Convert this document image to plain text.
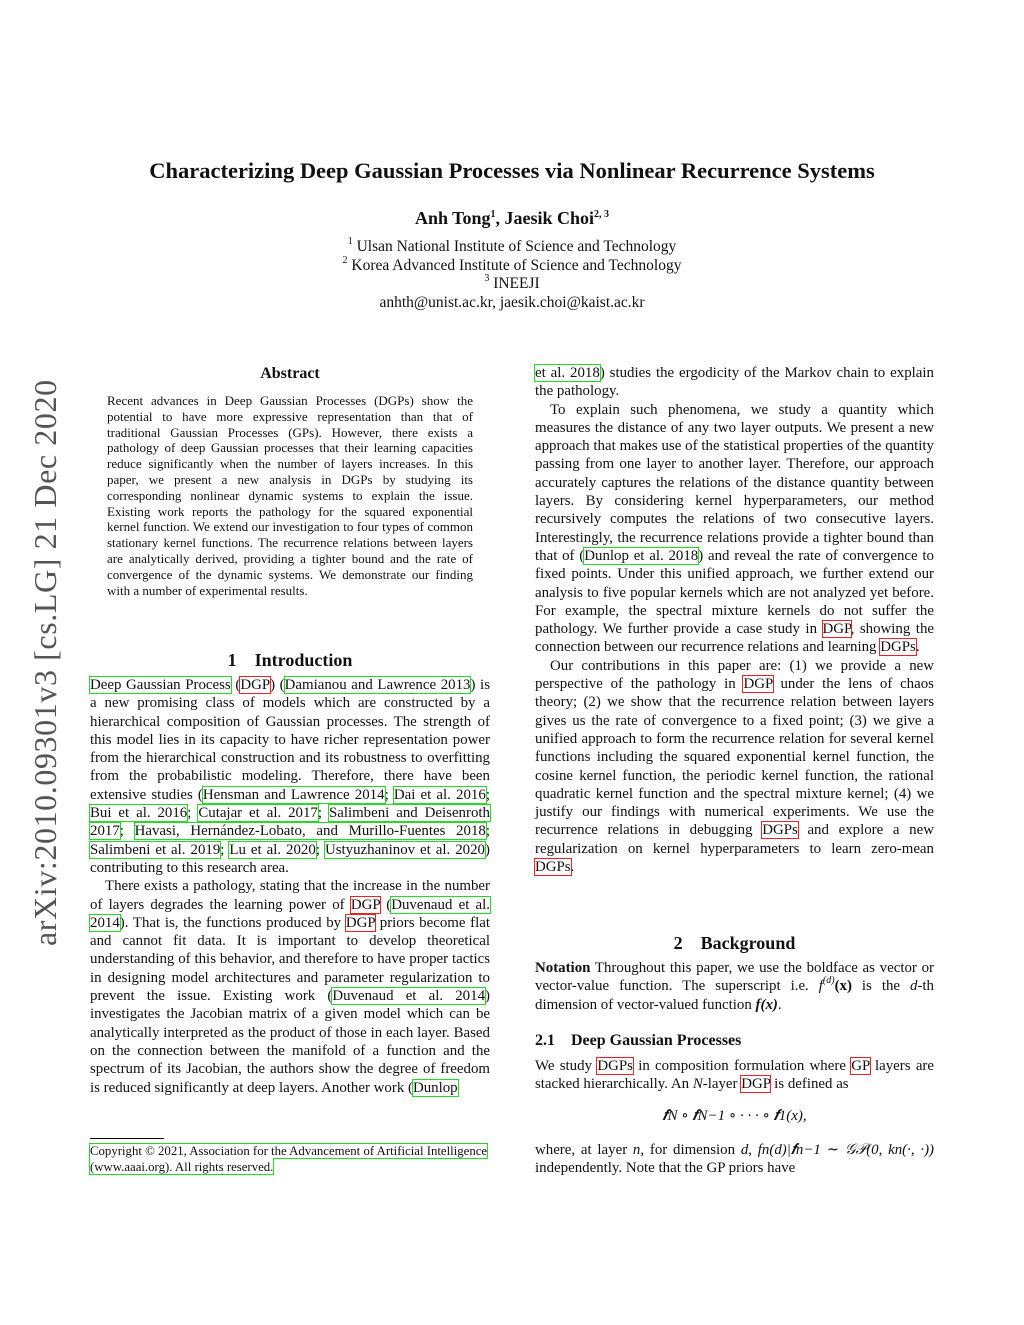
Characterizing Deep Gaussian Processes via Nonlinear Recurrence Systems
Anh Tong$^1$, Jaesik Choi$^{2, 3}$
$^1$ Ulsan National Institute of Science and Technology
$^2$ Korea Advanced Institute of Science and Technology
$^3$ INEEJI
anhth@unist.ac.kr, jaesik.choi@kaist.ac.kr
arXiv:2010.09301v3 [cs.LG] 21 Dec 2020
Abstract
Recent advances in Deep Gaussian Processes (DGPs) show the potential to have more expressive representation than that of traditional Gaussian Processes (GPs). However, there exists a pathology of deep Gaussian processes that their learning capacities reduce significantly when the number of layers increases. In this paper, we present a new analysis in DGPs by studying its corresponding nonlinear dynamic systems to explain the issue. Existing work reports the pathology for the squared exponential kernel function. We extend our investigation to four types of common stationary kernel functions. The recurrence relations between layers are analytically derived, providing a tighter bound and the rate of convergence of the dynamic systems. We demonstrate our finding with a number of experimental results.
1 Introduction

Deep Gaussian Process (DGP) (Damianou and Lawrence 2013) is a new promising class of models which are constructed by a hierarchical composition of Gaussian processes. The strength of this model lies in its capacity to have richer representation power from the hierarchical construction and its robustness to overfitting from the probabilistic modeling. Therefore, there have been extensive studies (Hensman and Lawrence 2014; Dai et al. 2016; Bui et al. 2016; Cutajar et al. 2017; Salimbeni and Deisenroth 2017; Havasi, Hernández-Lobato, and Murillo-Fuentes 2018; Salimbeni et al. 2019; Lu et al. 2020; Ustyuzhaninov et al. 2020) contributing to this research area.

There exists a pathology, stating that the increase in the number of layers degrades the learning power of DGP (Duvenaud et al. 2014). That is, the functions produced by DGP priors become flat and cannot fit data. It is important to develop theoretical understanding of this behavior, and therefore to have proper tactics in designing model architectures and parameter regularization to prevent the issue. Existing work (Duvenaud et al. 2014) investigates the Jacobian matrix of a given model which can be analytically interpreted as the product of those in each layer. Based on the connection between the manifold of a function and the spectrum of its Jacobian, the authors show the degree of freedom is reduced significantly at deep layers. Another work (Dunlop

Copyright © 2021, Association for the Advancement of Artificial Intelligence (www.aaai.org). All rights reserved.

et al. 2018) studies the ergodicity of the Markov chain to explain the pathology.

To explain such phenomena, we study a quantity which measures the distance of any two layer outputs. We present a new approach that makes use of the statistical properties of the quantity passing from one layer to another layer. Therefore, our approach accurately captures the relations of the distance quantity between layers. By considering kernel hyperparameters, our method recursively computes the relations of two consecutive layers. Interestingly, the recurrence relations provide a tighter bound than that of (Dunlop et al. 2018) and reveal the rate of convergence to fixed points. Under this unified approach, we further extend our analysis to five popular kernels which are not analyzed yet before. For example, the spectral mixture kernels do not suffer the pathology. We further provide a case study in DGP, showing the connection between our recurrence relations and learning DGPs.

Our contributions in this paper are: (1) we provide a new perspective of the pathology in DGP under the lens of chaos theory; (2) we show that the recurrence relation between layers gives us the rate of convergence to a fixed point; (3) we give a unified approach to form the recurrence relation for several kernel functions including the squared exponential kernel function, the cosine kernel function, the periodic kernel function, the rational quadratic kernel function and the spectral mixture kernel; (4) we justify our findings with numerical experiments. We use the recurrence relations in debugging DGPs and explore a new regularization on kernel hyperparameters to learn zero-mean DGPs.

2 Background

Notation Throughout this paper, we use the boldface as vector or vector-value function. The superscript i.e. $f^{(d)}(x)$ is the d-th dimension of vector-valued function f(x).

2.1 Deep Gaussian Processes

We study DGPs in composition formulation where GP layers are stacked hierarchically. An N-layer DGP is defined as

𝒇N ∘ 𝒇N−1 ∘ · · · ∘ 𝒇1(x),

where, at layer n, for dimension d, fn(d)|𝒇n−1 ∼ 𝒢𝒫(0, kn(·, ·)) independently. Note that the GP priors have
